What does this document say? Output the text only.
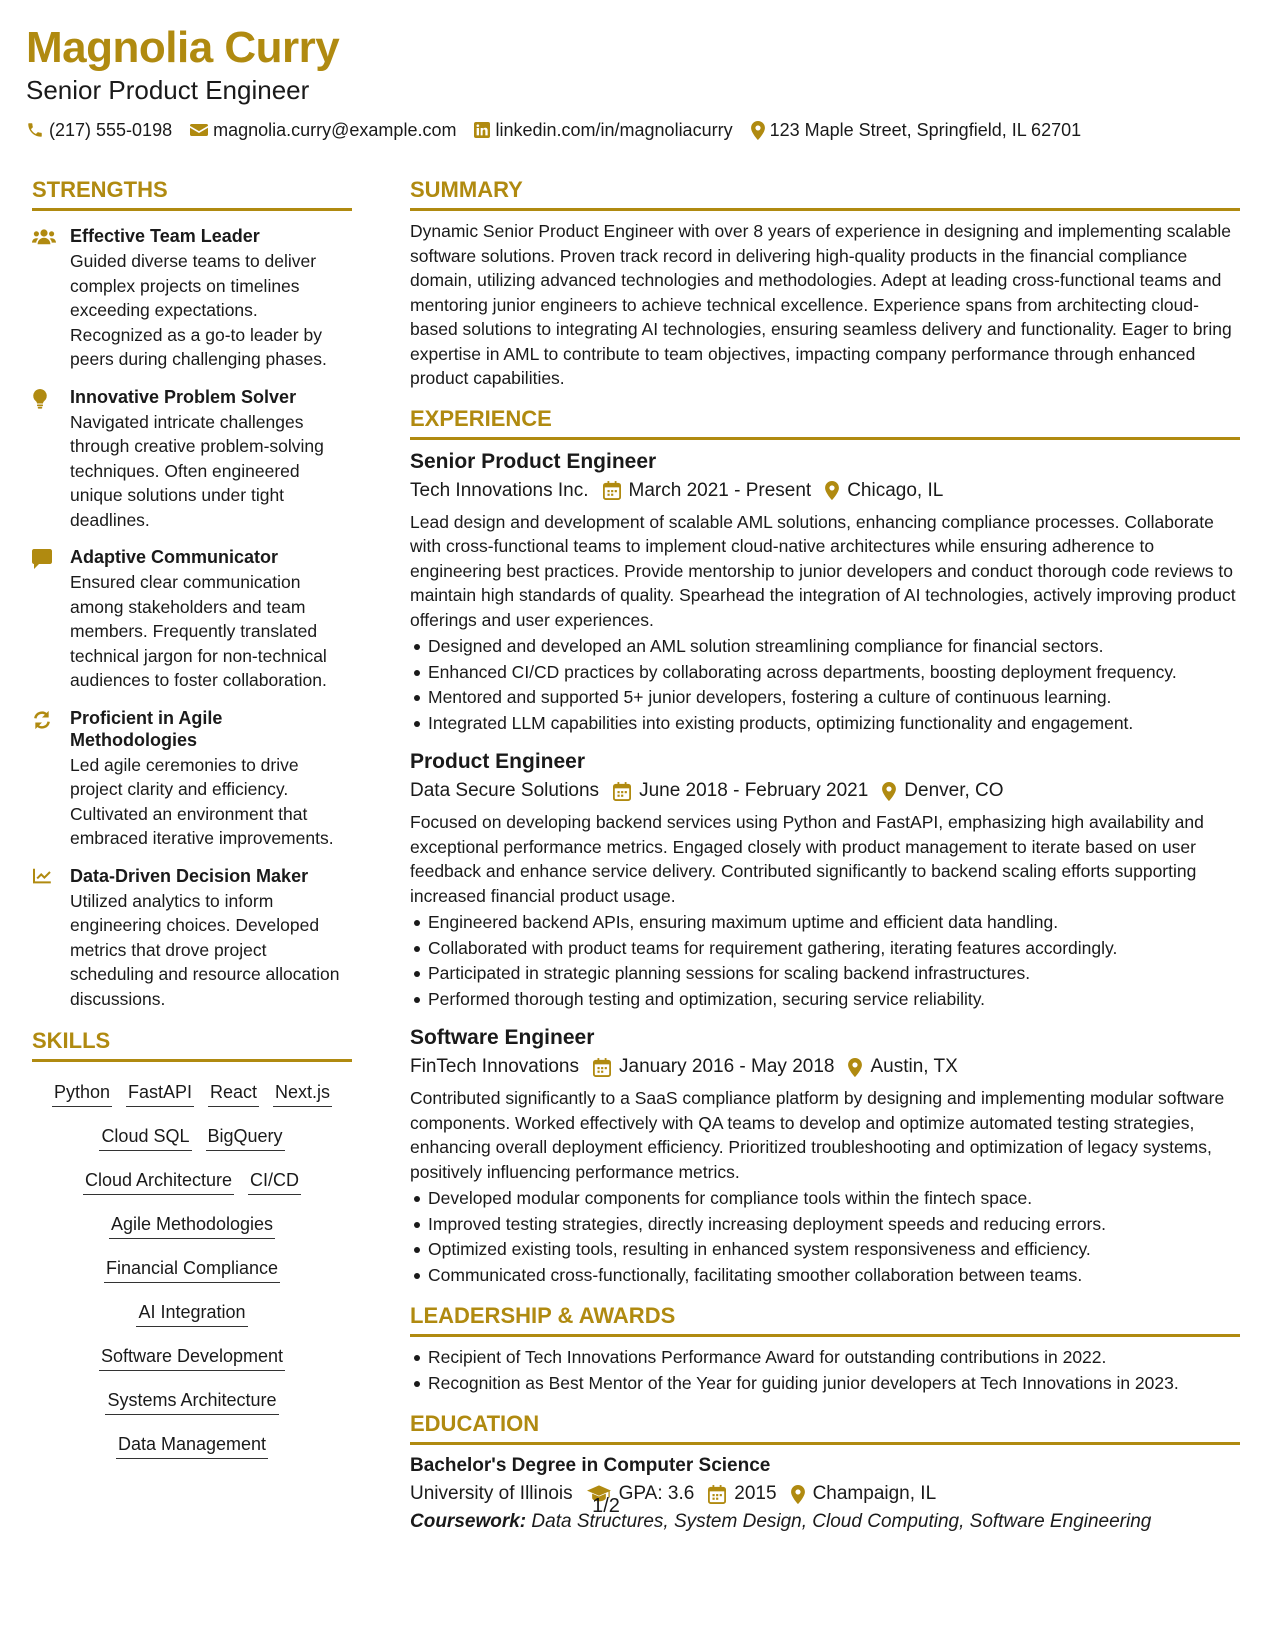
Magnolia Curry
Senior Product Engineer
(217) 555-0198 magnolia.curry@example.com linkedin.com/in/magnoliacurry 123 Maple Street, Springfield, IL 62701
STRENGTHS
Effective Team Leader
Guided diverse teams to deliver complex projects on timelines exceeding expectations. Recognized as a go-to leader by peers during challenging phases.
Innovative Problem Solver
Navigated intricate challenges through creative problem-solving techniques. Often engineered unique solutions under tight deadlines.
Adaptive Communicator
Ensured clear communication among stakeholders and team members. Frequently translated technical jargon for non-technical audiences to foster collaboration.
Proficient in Agile Methodologies
Led agile ceremonies to drive project clarity and efficiency. Cultivated an environment that embraced iterative improvements.
Data-Driven Decision Maker
Utilized analytics to inform engineering choices. Developed metrics that drove project scheduling and resource allocation discussions.
SKILLS
Python FastAPI React Next.js
Cloud SQL BigQuery
Cloud Architecture CI/CD
Agile Methodologies
Financial Compliance
AI Integration
Software Development
Systems Architecture
Data Management
SUMMARY
Dynamic Senior Product Engineer with over 8 years of experience in designing and implementing scalable software solutions. Proven track record in delivering high-quality products in the financial compliance domain, utilizing advanced technologies and methodologies. Adept at leading cross-functional teams and mentoring junior engineers to achieve technical excellence. Experience spans from architecting cloud-based solutions to integrating AI technologies, ensuring seamless delivery and functionality. Eager to bring expertise in AML to contribute to team objectives, impacting company performance through enhanced product capabilities.
EXPERIENCE
Senior Product Engineer
Tech Innovations Inc. March 2021 - Present Chicago, IL
Lead design and development of scalable AML solutions, enhancing compliance processes. Collaborate with cross-functional teams to implement cloud-native architectures while ensuring adherence to engineering best practices. Provide mentorship to junior developers and conduct thorough code reviews to maintain high standards of quality. Spearhead the integration of AI technologies, actively improving product offerings and user experiences.
Designed and developed an AML solution streamlining compliance for financial sectors.
Enhanced CI/CD practices by collaborating across departments, boosting deployment frequency.
Mentored and supported 5+ junior developers, fostering a culture of continuous learning.
Integrated LLM capabilities into existing products, optimizing functionality and engagement.
Product Engineer
Data Secure Solutions June 2018 - February 2021 Denver, CO
Focused on developing backend services using Python and FastAPI, emphasizing high availability and exceptional performance metrics. Engaged closely with product management to iterate based on user feedback and enhance service delivery. Contributed significantly to backend scaling efforts supporting increased financial product usage.
Engineered backend APIs, ensuring maximum uptime and efficient data handling.
Collaborated with product teams for requirement gathering, iterating features accordingly.
Participated in strategic planning sessions for scaling backend infrastructures.
Performed thorough testing and optimization, securing service reliability.
Software Engineer
FinTech Innovations January 2016 - May 2018 Austin, TX
Contributed significantly to a SaaS compliance platform by designing and implementing modular software components. Worked effectively with QA teams to develop and optimize automated testing strategies, enhancing overall deployment efficiency. Prioritized troubleshooting and optimization of legacy systems, positively influencing performance metrics.
Developed modular components for compliance tools within the fintech space.
Improved testing strategies, directly increasing deployment speeds and reducing errors.
Optimized existing tools, resulting in enhanced system responsiveness and efficiency.
Communicated cross-functionally, facilitating smoother collaboration between teams.
LEADERSHIP & AWARDS
Recipient of Tech Innovations Performance Award for outstanding contributions in 2022.
Recognition as Best Mentor of the Year for guiding junior developers at Tech Innovations in 2023.
EDUCATION
Bachelor's Degree in Computer Science
University of Illinois GPA: 3.6 2015 Champaign, IL
Coursework: Data Structures, System Design, Cloud Computing, Software Engineering
1/2
